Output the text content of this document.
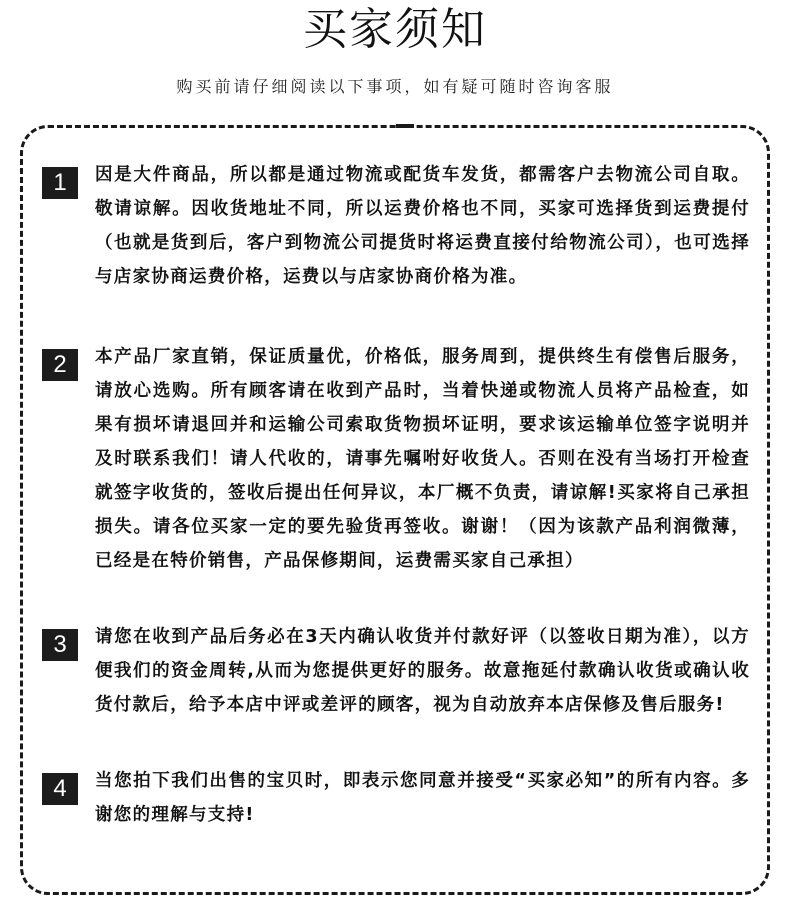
买家须知
购买前请仔细阅读以下事项，如有疑可随时咨询客服
1	因是大件商品，所以都是通过物流或配货车发货，都需客户去物流公司自取。敬请谅解。因收货地址不同，所以运费价格也不同，买家可选择货到运费提付（也就是货到后，客户到物流公司提货时将运费直接付给物流公司），也可选择与店家协商运费价格，运费以与店家协商价格为准。

2	本产品厂家直销，保证质量优，价格低，服务周到，提供终生有偿售后服务，请放心选购。所有顾客请在收到产品时，当着快递或物流人员将产品检查，如果有损坏请退回并和运输公司索取货物损坏证明，要求该运输单位签字说明并及时联系我们！请人代收的，请事先嘱咐好收货人。否则在没有当场打开检查就签字收货的，签收后提出任何异议，本厂概不负责，请谅解!买家将自己承担损失。请各位买家一定的要先验货再签收。谢谢！（因为该款产品利润微薄，已经是在特价销售，产品保修期间，运费需买家自己承担）

3	请您在收到产品后务必在3天内确认收货并付款好评（以签收日期为准），以方便我们的资金周转,从而为您提供更好的服务。故意拖延付款确认收货或确认收货付款后，给予本店中评或差评的顾客，视为自动放弃本店保修及售后服务!

4	当您拍下我们出售的宝贝时，即表示您同意并接受“买家必知”的所有内容。多谢您的理解与支持!
